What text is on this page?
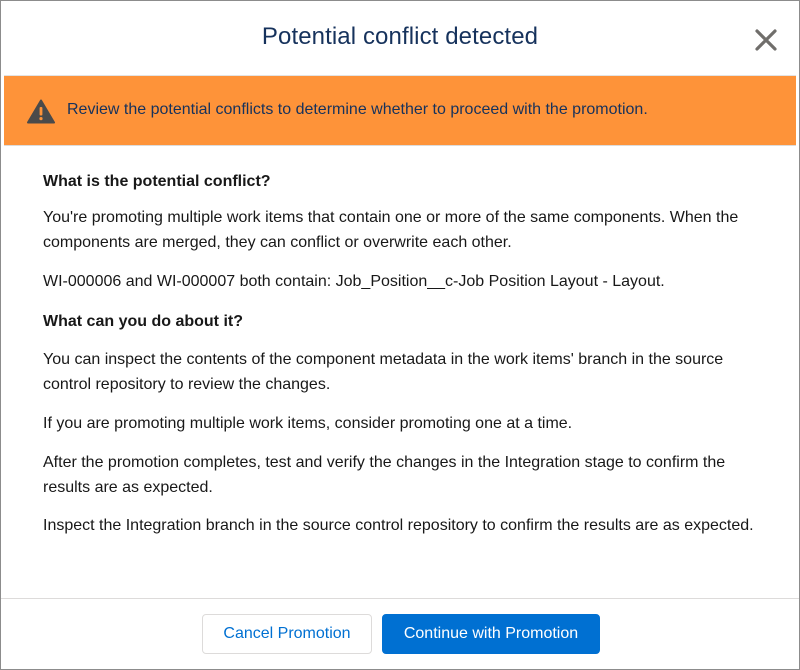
Potential conflict detected
Review the potential conflicts to determine whether to proceed with the promotion.
What is the potential conflict?

You're promoting multiple work items that contain one or more of the same components. When the components are merged, they can conflict or overwrite each other.

WI-000006 and WI-000007 both contain: Job_Position__c-Job Position Layout - Layout.

What can you do about it?

You can inspect the contents of the component metadata in the work items' branch in the source control repository to review the changes.

If you are promoting multiple work items, consider promoting one at a time.

After the promotion completes, test and verify the changes in the Integration stage to confirm the results are as expected.

Inspect the Integration branch in the source control repository to confirm the results are as expected.

Cancel Promotion	Continue with Promotion
